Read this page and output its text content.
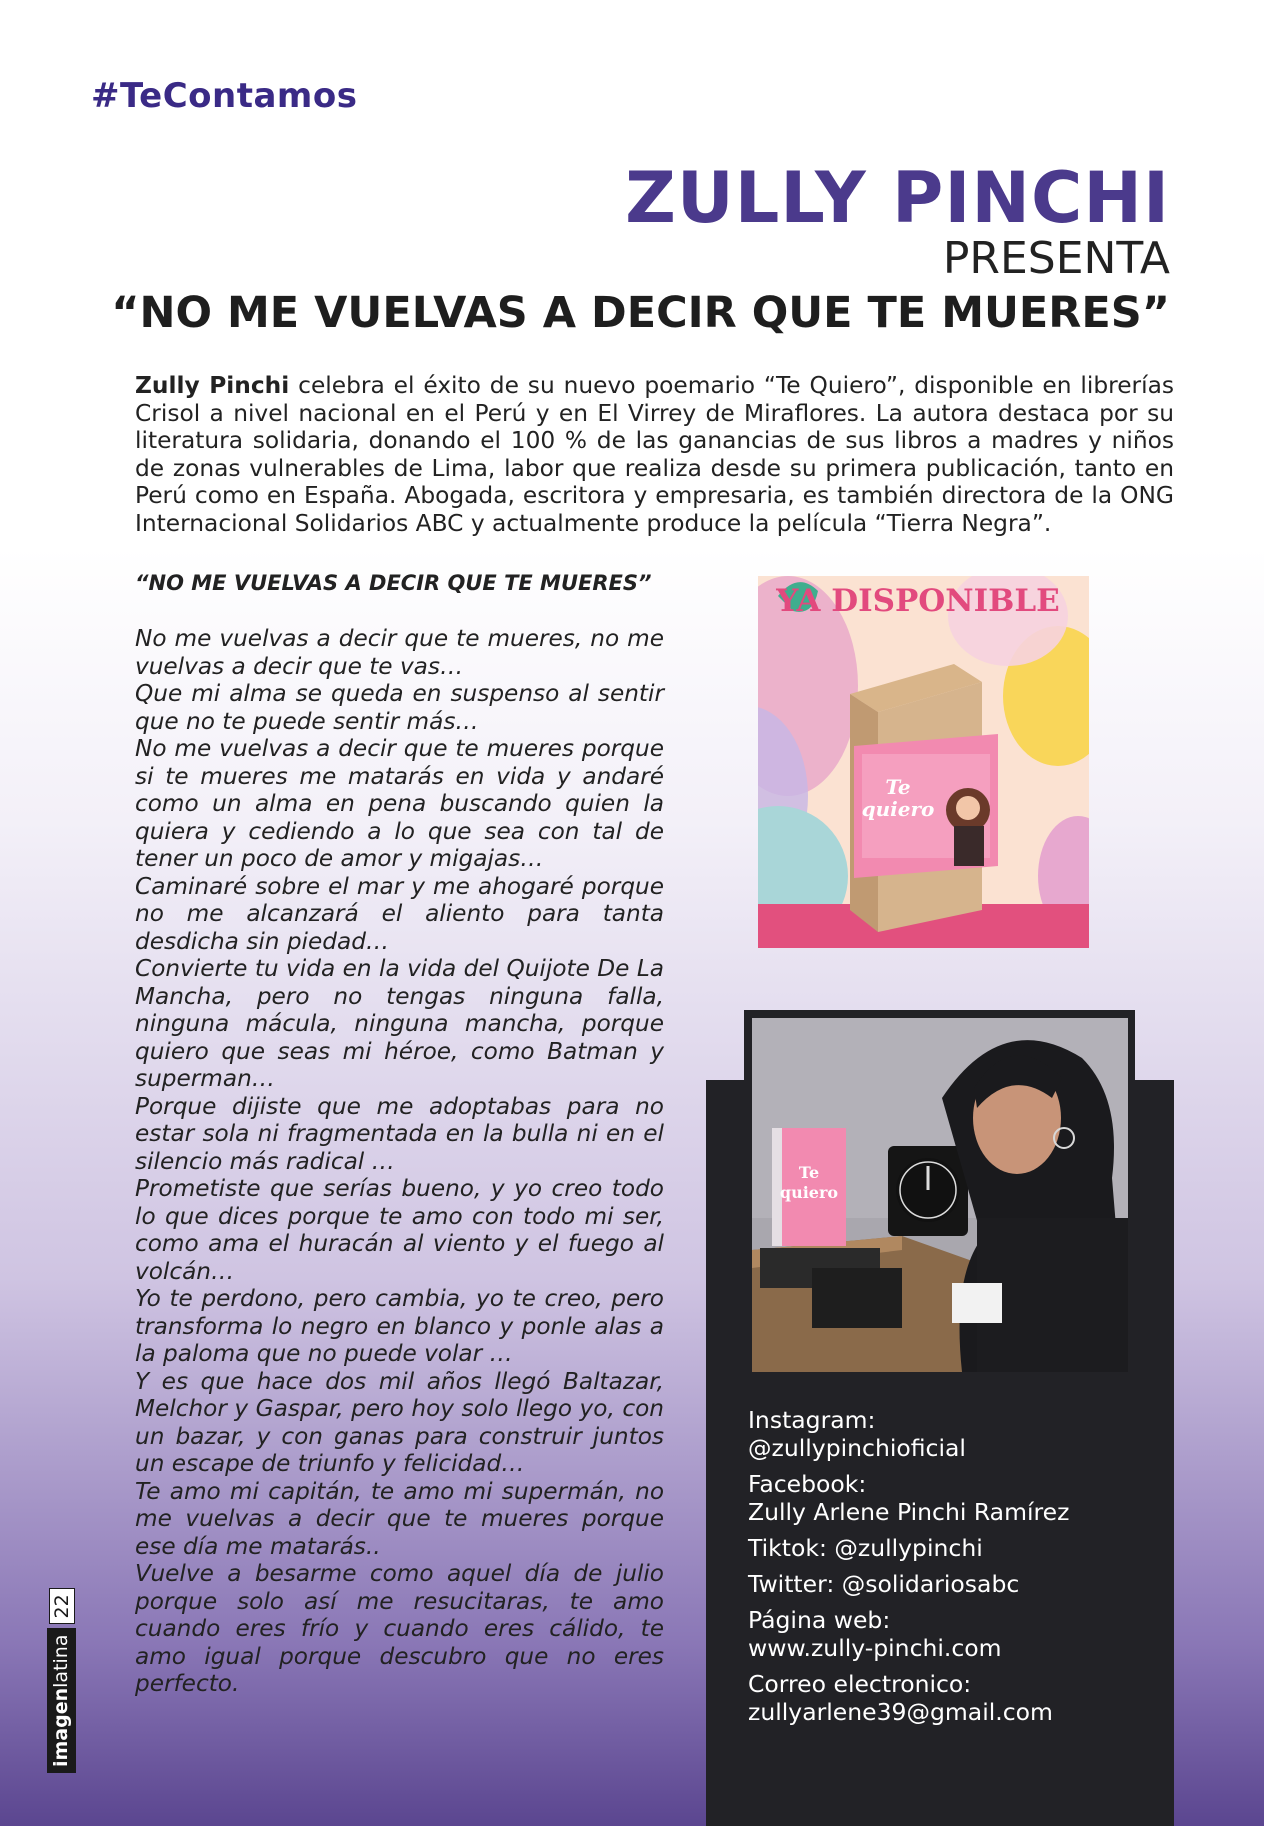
#TeContamos
ZULLY PINCHI
PRESENTA
“NO ME VUELVAS A DECIR QUE TE MUERES”
Zully Pinchi celebra el éxito de su nuevo poemario “Te Quiero”, disponible en librerías Crisol a nivel nacional en el Perú y en El Virrey de Miraflores. La autora destaca por su literatura solidaria, donando el 100 % de las ganancias de sus libros a madres y niños de zonas vulnerables de Lima, labor que realiza desde su primera publicación, tanto en Perú como en España. Abogada, escritora y empresaria, es también directora de la ONG Internacional Solidarios ABC y actualmente produce la película “Tierra Negra”.
“NO ME VUELVAS A DECIR QUE TE MUERES”

No me vuelvas a decir que te mueres, no me vuelvas a decir que te vas…

Que mi alma se queda en suspenso al sentir que no te puede sentir más…

No me vuelvas a decir que te mueres porque si te mueres me matarás en vida y andaré como un alma en pena buscando quien la quiera y cediendo a lo que sea con tal de tener un poco de amor y migajas…

Caminaré sobre el mar y me ahogaré porque no me alcanzará el aliento para tanta desdicha sin piedad…

Convierte tu vida en la vida del Quijote De La Mancha, pero no tengas ninguna falla, ninguna mácula, ninguna mancha, porque quiero que seas mi héroe, como Batman y superman…

Porque dijiste que me adoptabas para no estar sola ni fragmentada en la bulla ni en el silencio más radical …

Prometiste que serías bueno, y yo creo todo lo que dices porque te amo con todo mi ser, como ama el huracán al viento y el fuego al volcán…

Yo te perdono, pero cambia, yo te creo, pero transforma lo negro en blanco y ponle alas a la paloma que no puede volar …

Y es que hace dos mil años llegó Baltazar, Melchor y Gaspar, pero hoy solo llego yo, con un bazar, y con ganas para construir juntos un escape de triunfo y felicidad…

Te amo mi capitán, te amo mi supermán, no me vuelvas a decir que te mueres porque ese día me matarás..

Vuelve a besarme como aquel día de julio porque solo así me resucitaras, te amo cuando eres frío y cuando eres cálido, te amo igual porque descubro que no eres perfecto.

YA DISPONIBLE
Te
quiero
Te
quiero
Instagram:
@zullypinchioficial
Facebook:
Zully Arlene Pinchi Ramírez
Tiktok: @zullypinchi
Twitter: @solidariosabc
Página web:
www.zully-pinchi.com
Correo electronico:
zullyarlene39@gmail.com
imagenlatina
22
